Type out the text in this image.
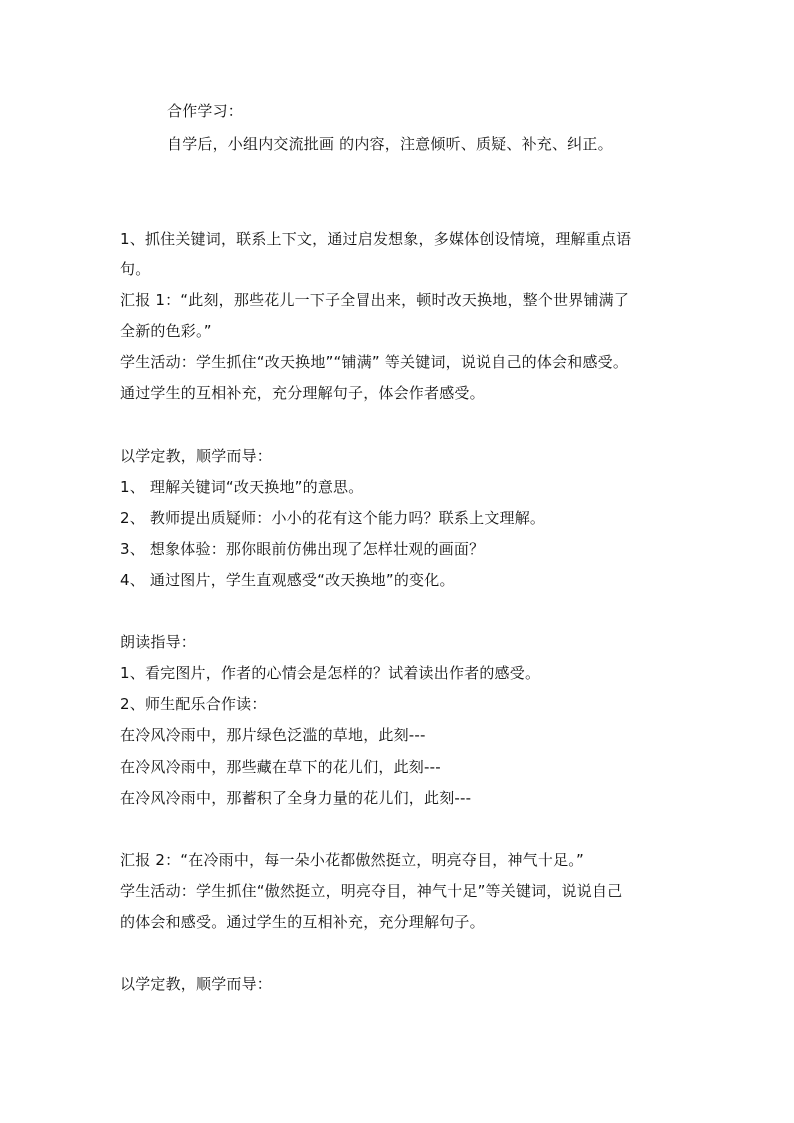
合作学习：
自学后，小组内交流批画 的内容，注意倾听、质疑、补充、纠正。
1、抓住关键词，联系上下文，通过启发想象，多媒体创设情境，理解重点语
句。
汇报 1：“此刻，那些花儿一下子全冒出来，顿时改天换地，整个世界铺满了
全新的色彩。”
学生活动：学生抓住“改天换地”“铺满” 等关键词，说说自己的体会和感受。
通过学生的互相补充，充分理解句子，体会作者感受。
以学定教，顺学而导：
1、 理解关键词“改天换地”的意思。
2、 教师提出质疑师：小小的花有这个能力吗？联系上文理解。
3、 想象体验：那你眼前仿佛出现了怎样壮观的画面？
4、 通过图片，学生直观感受“改天换地”的变化。
朗读指导：
1、看完图片，作者的心情会是怎样的？试着读出作者的感受。
2、师生配乐合作读：
在冷风冷雨中，那片绿色泛滥的草地，此刻---
在冷风冷雨中，那些藏在草下的花儿们，此刻---
在冷风冷雨中，那蓄积了全身力量的花儿们，此刻---
汇报 2：“在冷雨中，每一朵小花都傲然挺立，明亮夺目，神气十足。”
学生活动：学生抓住“傲然挺立，明亮夺目，神气十足”等关键词，说说自己
的体会和感受。通过学生的互相补充，充分理解句子。
以学定教，顺学而导：
